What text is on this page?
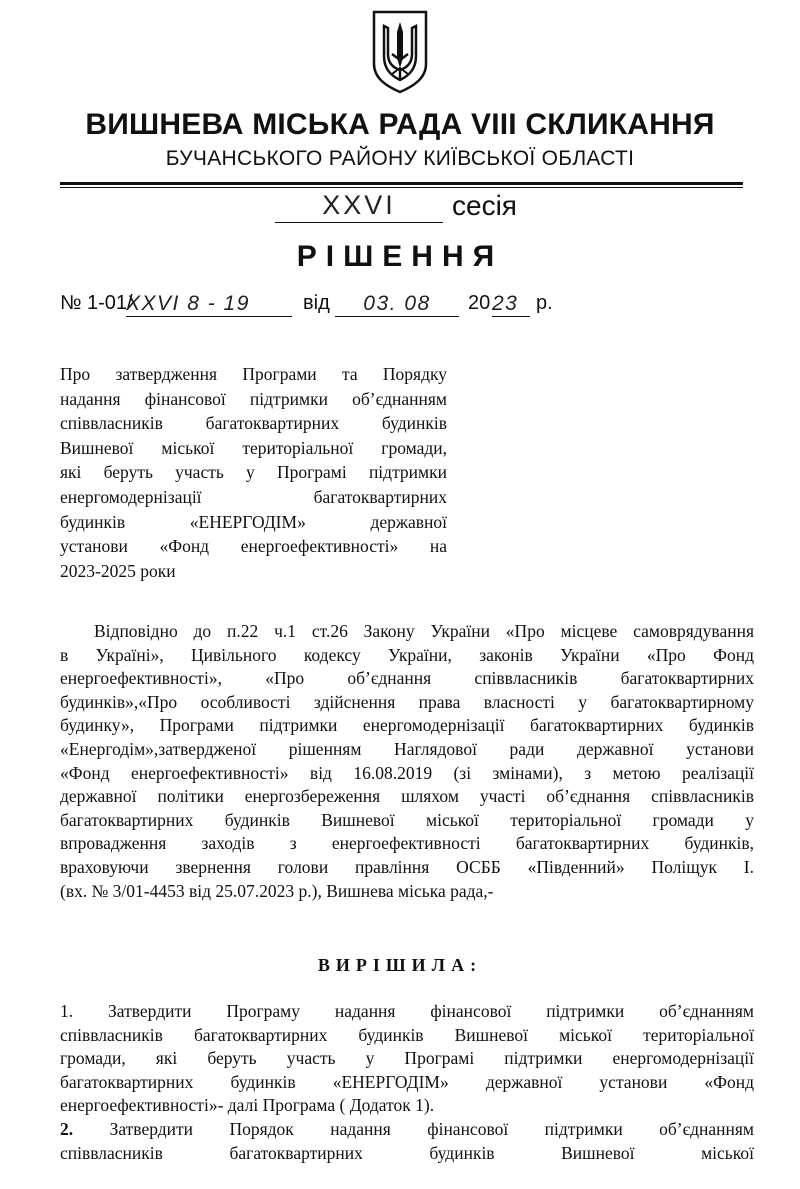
ВИШНЕВА МІСЬКА РАДА VIII СКЛИКАННЯ
БУЧАНСЬКОГО РАЙОНУ КИЇВСЬКОЇ ОБЛАСТІ
XXVI	сесія
РІШЕННЯ
№ 1-01/
XXVI 8 - 19	від	03. 08	20 23 р.
Про затвердження Програми та Порядку
надання фінансової підтримки об’єднанням
співвласників багатоквартирних будинків
Вишневої міської територіальної громади,
які беруть участь у Програмі підтримки
енергомодернізації багатоквартирних
будинків «ЕНЕРГОДІМ» державної
установи «Фонд енергоефективності» на
2023-2025 роки
Відповідно до п.22 ч.1 ст.26 Закону України «Про місцеве самоврядування
в Україні», Цивільного кодексу України, законів України «Про Фонд
енергоефективності», «Про об’єднання співвласників багатоквартирних
будинків»,«Про особливості здійснення права власності у багатоквартирному
будинку», Програми підтримки енергомодернізації багатоквартирних будинків
«Енергодім»,затвердженої рішенням Наглядової ради державної установи
«Фонд енергоефективності» від 16.08.2019 (зі змінами), з метою реалізації
державної політики енергозбереження шляхом участі об’єднання співвласників
багатоквартирних будинків Вишневої міської територіальної громади у
впровадження заходів з енергоефективності багатоквартирних будинків,
враховуючи звернення голови правління ОСББ «Південний» Поліщук І.
(вх. № 3/01-4453 від 25.07.2023 р.), Вишнева міська рада,-
ВИРІШИЛА:
1. Затвердити Програму надання фінансової підтримки об’єднанням
співвласників багатоквартирних будинків Вишневої міської територіальної
громади, які беруть участь у Програмі підтримки енергомодернізації
багатоквартирних будинків «ЕНЕРГОДІМ» державної установи «Фонд
енергоефективності»- далі Програма ( Додаток 1).
2. Затвердити Порядок надання фінансової підтримки об’єднанням
співвласників багатоквартирних будинків Вишневої міської
